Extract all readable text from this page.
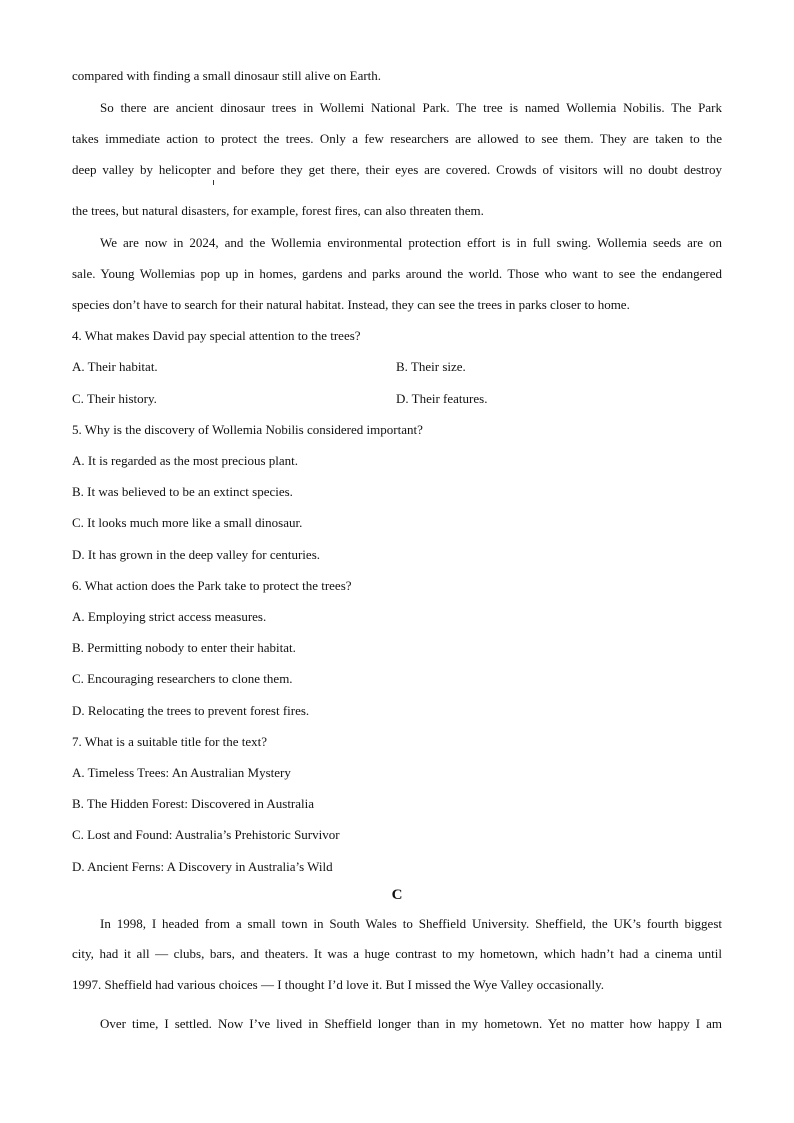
compared with finding a small dinosaur still alive on Earth.
So there are ancient dinosaur trees in Wollemi National Park. The tree is named Wollemia Nobilis. The Park
takes immediate action to protect the trees. Only a few researchers are allowed to see them. They are taken to the
deep valley by helicopter and before they get there, their eyes are covered. Crowds of visitors will no doubt destroy
the trees, but natural disasters, for example, forest fires, can also threaten them.
We are now in 2024, and the Wollemia environmental protection effort is in full swing. Wollemia seeds are on
sale. Young Wollemias pop up in homes, gardens and parks around the world. Those who want to see the endangered
species don’t have to search for their natural habitat. Instead, they can see the trees in parks closer to home.
4. What makes David pay special attention to the trees?
A. Their habitat.	B. Their size.
C. Their history.	D. Their features.
5. Why is the discovery of Wollemia Nobilis considered important?
A. It is regarded as the most precious plant.
B. It was believed to be an extinct species.
C. It looks much more like a small dinosaur.
D. It has grown in the deep valley for centuries.
6. What action does the Park take to protect the trees?
A. Employing strict access measures.
B. Permitting nobody to enter their habitat.
C. Encouraging researchers to clone them.
D. Relocating the trees to prevent forest fires.
7. What is a suitable title for the text?
A. Timeless Trees: An Australian Mystery
B. The Hidden Forest: Discovered in Australia
C. Lost and Found: Australia’s Prehistoric Survivor
D. Ancient Ferns: A Discovery in Australia’s Wild
C
In 1998, I headed from a small town in South Wales to Sheffield University. Sheffield, the UK’s fourth biggest
city, had it all — clubs, bars, and theaters. It was a huge contrast to my hometown, which hadn’t had a cinema until
1997. Sheffield had various choices — I thought I’d love it. But I missed the Wye Valley occasionally.
Over time, I settled. Now I’ve lived in Sheffield longer than in my hometown. Yet no matter how happy I am
